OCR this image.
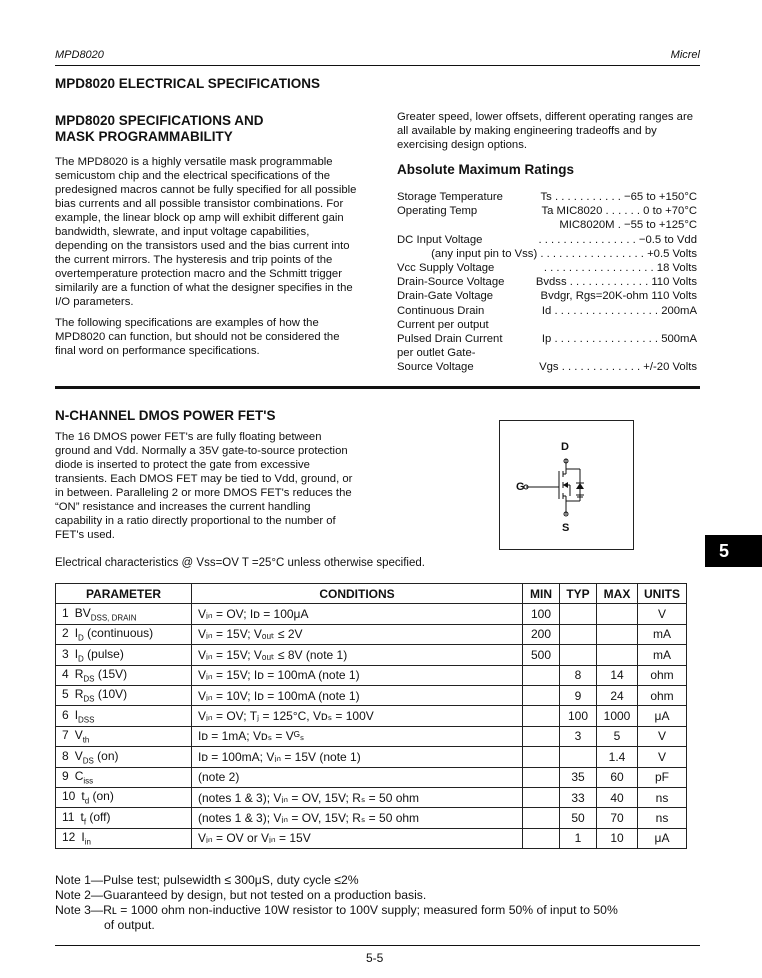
MPD8020	Micrel
MPD8020 ELECTRICAL SPECIFICATIONS
MPD8020 SPECIFICATIONS AND
MASK PROGRAMMABILITY

The MPD8020 is a highly versatile mask programmable semicustom chip and the electrical specifications of the predesigned macros cannot be fully specified for all possible bias currents and all possible transistor combinations. For example, the linear block op amp will exhibit different gain bandwidth, slewrate, and input voltage capabilities, depending on the transistors used and the bias current into the current mirrors. The hysteresis and trip points of the overtemperature protection macro and the Schmitt trigger similarily are a function of what the designer specifies in the I/O parameters.

The following specifications are examples of how the MPD8020 can function, but should not be considered the final word on performance specifications.

Greater speed, lower offsets, different operating ranges are all available by making engineering tradeoffs and by exercising design options.

Absolute Maximum Ratings
Storage Temperature	Ts . . . . . . . . . . . −65 to +150°C
Operating Temp	Ta MIC8020 . . . . . . 0 to +70°C
MIC8020M . −55 to +125°C
DC Input Voltage	. . . . . . . . . . . . . . . . −0.5 to Vdd
(any input pin to Vss) . . . . . . . . . . . . . . . . . +0.5 Volts
Vcc Supply Voltage	. . . . . . . . . . . . . . . . . . 18 Volts
Drain-Source Voltage	Bvdss . . . . . . . . . . . . . 110 Volts
Drain-Gate Voltage	Bvdgr, Rgs=20K-ohm 110 Volts
Continuous Drain	Id . . . . . . . . . . . . . . . . . 200mA
Current per output
Pulsed Drain Current	Ip . . . . . . . . . . . . . . . . . 500mA
per outlet Gate-
Source Voltage	Vgs . . . . . . . . . . . . . +/-20 Volts
N-CHANNEL DMOS POWER FET'S

The 16 DMOS power FET's are fully floating between ground and Vdd. Normally a 35V gate-to-source protection diode is inserted to protect the gate from excessive transients. Each DMOS FET may be tied to Vdd, ground, or in between. Paralleling 2 or more DMOS FET's reduces the “ON” resistance and increases the current handling capability in a ratio directly proportional to the number of FET's used.

D
G
S
5
Electrical characteristics @ Vss=OV T =25°C unless otherwise specified.
PARAMETER	CONDITIONS	MIN	TYP	MAX	UNITS
1 $BV_{DSS, DRAIN}$	Vᵢₙ = OV; Iᴅ = 100μA	100			V
2 $I_D$ (continuous)	Vᵢₙ = 15V; Vₒᵤₜ ≤ 2V	200			mA
3 $I_D$ (pulse)	Vᵢₙ = 15V; Vₒᵤₜ ≤ 8V (note 1)	500			mA
4 $R_{DS}$ (15V)	Vᵢₙ = 15V; Iᴅ = 100mA (note 1)		8	14	ohm
5 $R_{DS}$ (10V)	Vᵢₙ = 10V; Iᴅ = 100mA (note 1)		9	24	ohm
6 $I_{DSS}$	Vᵢₙ = OV; Tⱼ = 125°C, Vᴅₛ = 100V		100	1000	μA
7 $V_{th}$	Iᴅ = 1mA; Vᴅₛ = Vᴳₛ		3	5	V
8 $V_{DS}$ (on)	Iᴅ = 100mA; Vᵢₙ = 15V (note 1)			1.4	V
9 $C_{iss}$	(note 2)		35	60	pF
10 $t_d$ (on)	(notes 1 & 3); Vᵢₙ = OV, 15V; Rₛ = 50 ohm		33	40	ns
11 $t_f$ (off)	(notes 1 & 3); Vᵢₙ = OV, 15V; Rₛ = 50 ohm		50	70	ns
12 $I_{in}$	Vᵢₙ = OV or Vᵢₙ = 15V		1	10	μA
Note 1—Pulse test; pulsewidth ≤ 300μS, duty cycle ≤2%
Note 2—Guaranteed by design, but not tested on a production basis.
Note 3—Rʟ = 1000 ohm non-inductive 10W resistor to 100V supply; measured form 50% of input to 50%
of output.
5-5
